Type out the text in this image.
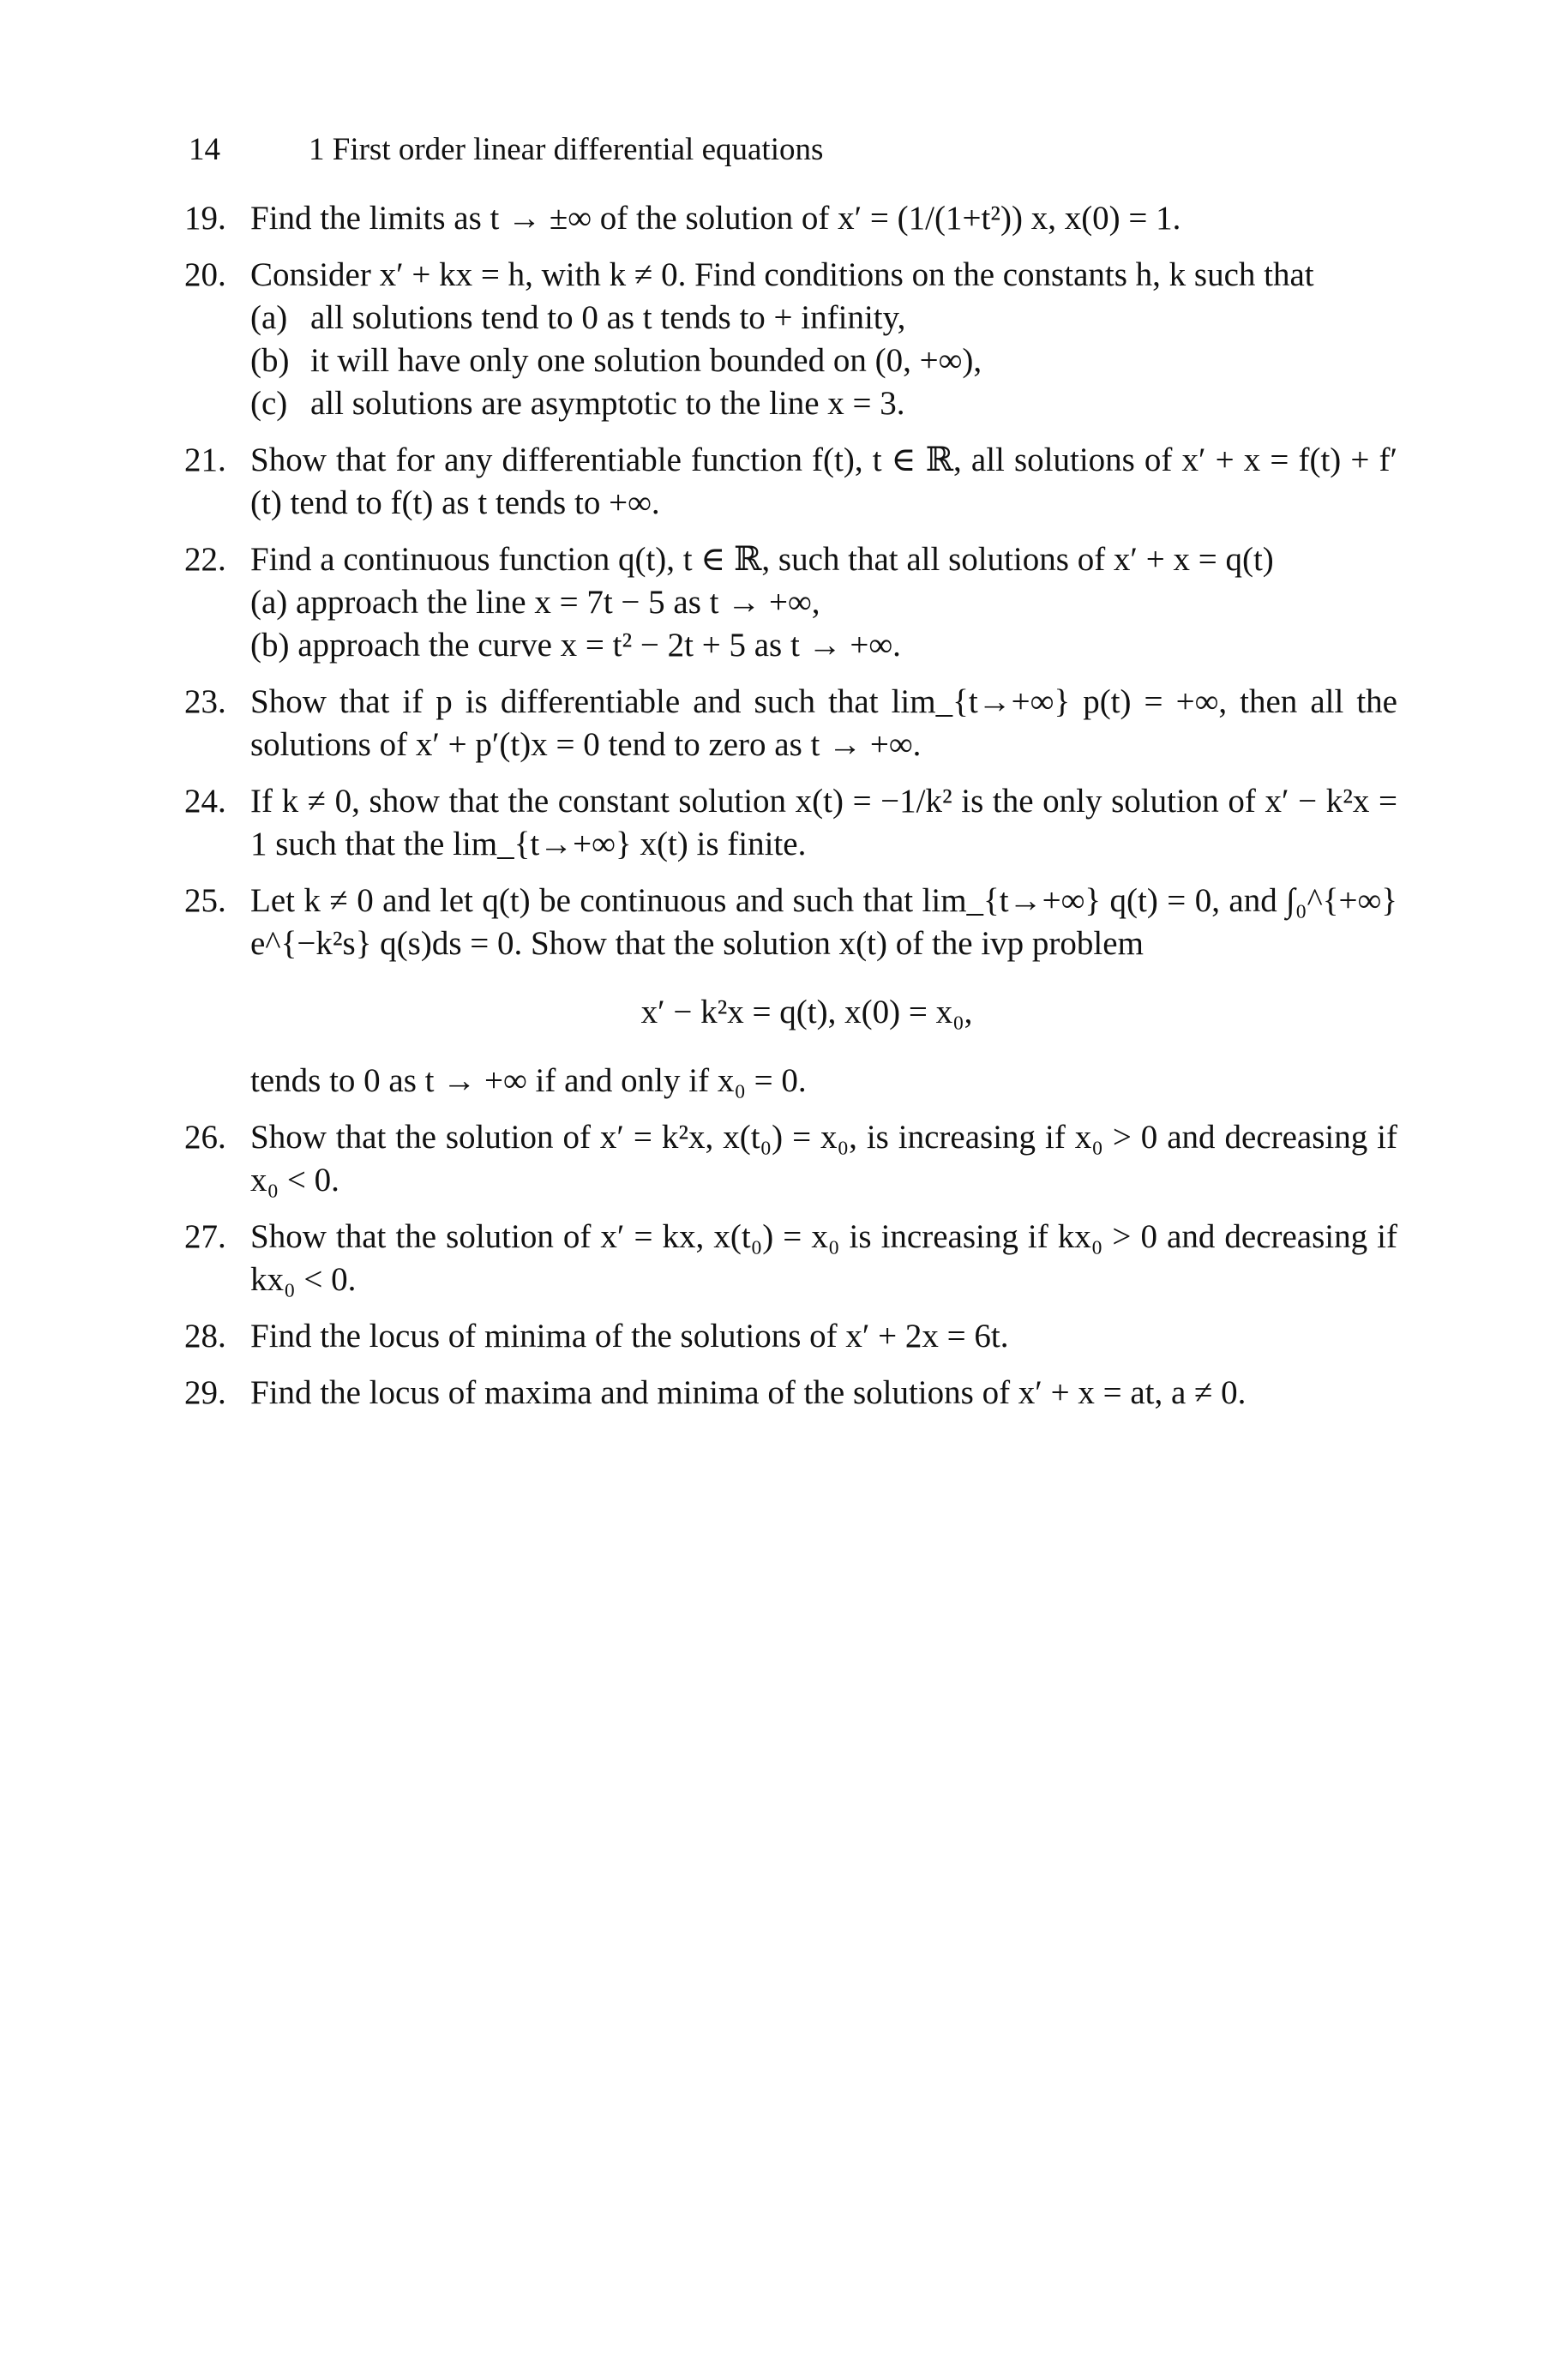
14	1 First order linear differential equations
19. Find the limits as t → ±∞ of the solution of x′ = (1/(1+t²)) x, x(0) = 1.
20. Consider x′ + kx = h, with k ≠ 0. Find conditions on the constants h, k such that
(a) all solutions tend to 0 as t tends to + infinity,
(b) it will have only one solution bounded on (0, +∞),
(c) all solutions are asymptotic to the line x = 3.
21. Show that for any differentiable function f(t), t ∈ ℝ, all solutions of x′ + x = f(t) + f′(t) tend to f(t) as t tends to +∞.
22. Find a continuous function q(t), t ∈ ℝ, such that all solutions of x′ + x = q(t)
(a) approach the line x = 7t − 5 as t → +∞,
(b) approach the curve x = t² − 2t + 5 as t → +∞.
23. Show that if p is differentiable and such that lim_{t→+∞} p(t) = +∞, then all the solutions of x′ + p′(t)x = 0 tend to zero as t → +∞.
24. If k ≠ 0, show that the constant solution x(t) = −1/k² is the only solution of x′ − k²x = 1 such that the lim_{t→+∞} x(t) is finite.
25. Let k ≠ 0 and let q(t) be continuous and such that lim_{t→+∞} q(t) = 0, and ∫₀^{+∞} e^{−k²s} q(s)ds = 0. Show that the solution x(t) of the ivp problem
x′ − k²x = q(t), x(0) = x₀,
tends to 0 as t → +∞ if and only if x₀ = 0.
26. Show that the solution of x′ = k²x, x(t₀) = x₀, is increasing if x₀ > 0 and decreasing if x₀ < 0.
27. Show that the solution of x′ = kx, x(t₀) = x₀ is increasing if kx₀ > 0 and decreasing if kx₀ < 0.
28. Find the locus of minima of the solutions of x′ + 2x = 6t.
29. Find the locus of maxima and minima of the solutions of x′ + x = at, a ≠ 0.
